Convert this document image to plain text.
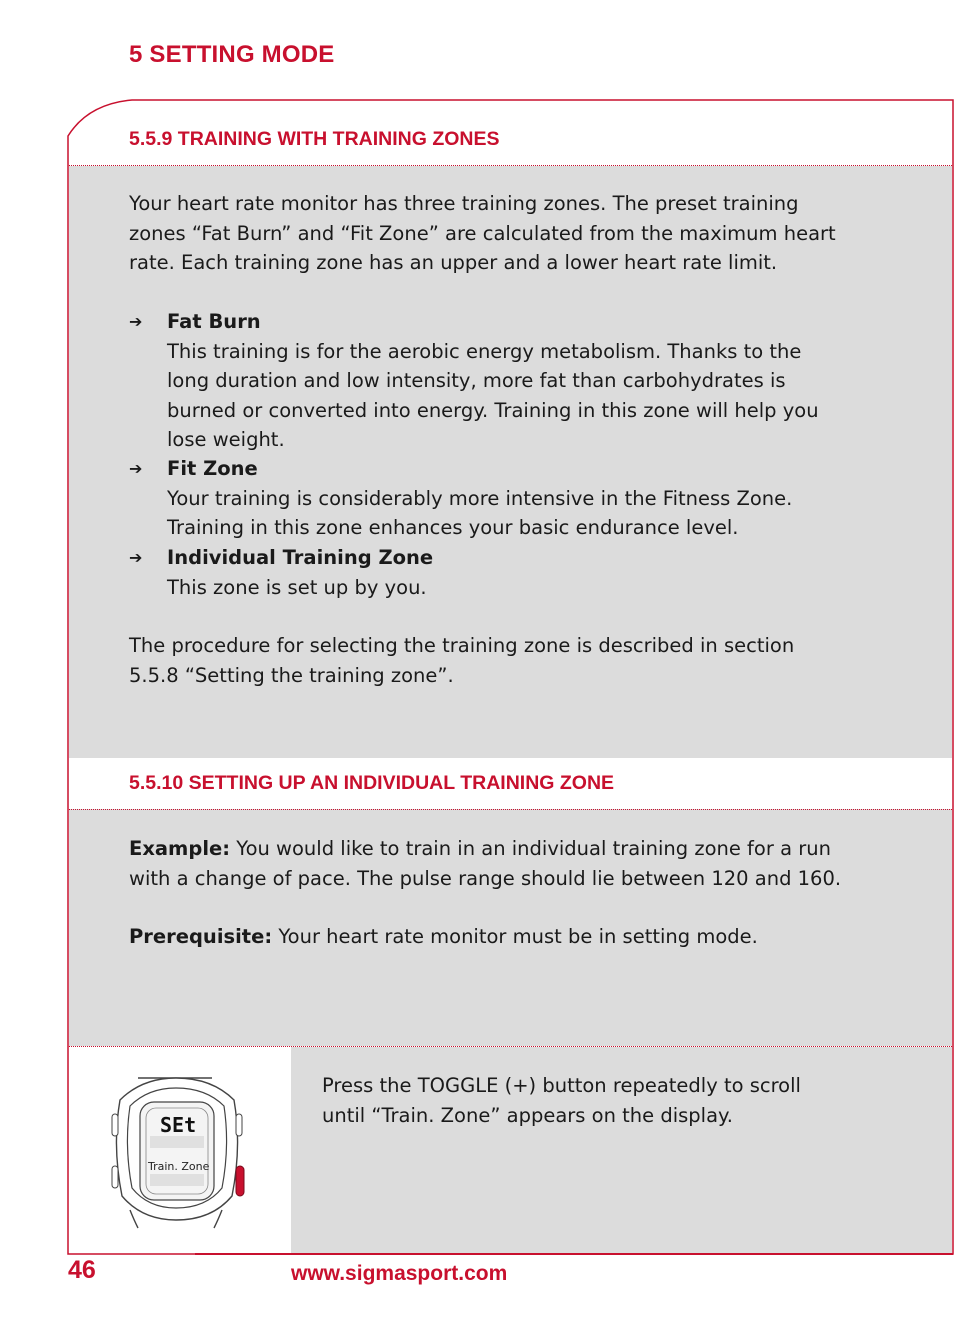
5 SETTING MODE
5.5.9 TRAINING WITH TRAINING ZONES

Your heart rate monitor has three training zones. The preset training

zones “Fat Burn” and “Fit Zone” are calculated from the maximum heart

rate. Each training zone has an upper and a lower heart rate limit.

➔ Fat Burn

This training is for the aerobic energy metabolism. Thanks to the

long duration and low intensity, more fat than carbohydrates is

burned or converted into energy. Training in this zone will help you

lose weight.

➔ Fit Zone

Your training is considerably more intensive in the Fitness Zone.

Training in this zone enhances your basic endurance level.

➔ Individual Training Zone

This zone is set up by you.

The procedure for selecting the training zone is described in section

5.5.8 “Setting the training zone”.

5.5.10 SETTING UP AN INDIVIDUAL TRAINING ZONE

Example: You would like to train in an individual training zone for a run

with a change of pace. The pulse range should lie between 120 and 160.

Prerequisite: Your heart rate monitor must be in setting mode.

Press the TOGGLE (+) button repeatedly to scroll

until “Train. Zone” appears on the display.

SEt
Train. Zone
46	www.sigmasport.com
